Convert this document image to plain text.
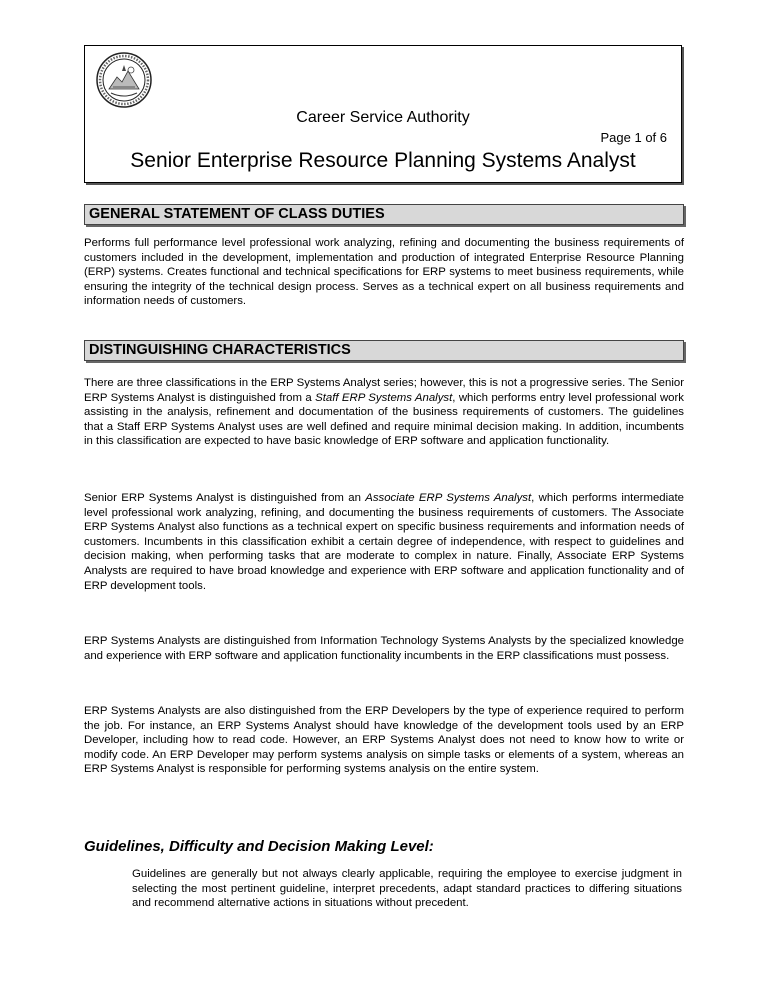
Career Service Authority
Page 1 of 6
Senior Enterprise Resource Planning Systems Analyst
GENERAL STATEMENT OF CLASS DUTIES

Performs full performance level professional work analyzing, refining and documenting the business requirements of customers included in the development, implementation and production of integrated Enterprise Resource Planning (ERP) systems. Creates functional and technical specifications for ERP systems to meet business requirements, while ensuring the integrity of the technical design process. Serves as a technical expert on all business requirements and information needs of customers.

DISTINGUISHING CHARACTERISTICS

There are three classifications in the ERP Systems Analyst series; however, this is not a progressive series. The Senior ERP Systems Analyst is distinguished from a Staff ERP Systems Analyst, which performs entry level professional work assisting in the analysis, refinement and documentation of the business requirements of customers. The guidelines that a Staff ERP Systems Analyst uses are well defined and require minimal decision making. In addition, incumbents in this classification are expected to have basic knowledge of ERP software and application functionality.

Senior ERP Systems Analyst is distinguished from an Associate ERP Systems Analyst, which performs intermediate level professional work analyzing, refining, and documenting the business requirements of customers. The Associate ERP Systems Analyst also functions as a technical expert on specific business requirements and information needs of customers. Incumbents in this classification exhibit a certain degree of independence, with respect to guidelines and decision making, when performing tasks that are moderate to complex in nature. Finally, Associate ERP Systems Analysts are required to have broad knowledge and experience with ERP software and application functionality and of ERP development tools.

ERP Systems Analysts are distinguished from Information Technology Systems Analysts by the specialized knowledge and experience with ERP software and application functionality incumbents in the ERP classifications must possess.

ERP Systems Analysts are also distinguished from the ERP Developers by the type of experience required to perform the job. For instance, an ERP Systems Analyst should have knowledge of the development tools used by an ERP Developer, including how to read code. However, an ERP Systems Analyst does not need to know how to write or modify code. An ERP Developer may perform systems analysis on simple tasks or elements of a system, whereas an ERP Systems Analyst is responsible for performing systems analysis on the entire system.

Guidelines, Difficulty and Decision Making Level:

Guidelines are generally but not always clearly applicable, requiring the employee to exercise judgment in selecting the most pertinent guideline, interpret precedents, adapt standard practices to differing situations and recommend alternative actions in situations without precedent.
